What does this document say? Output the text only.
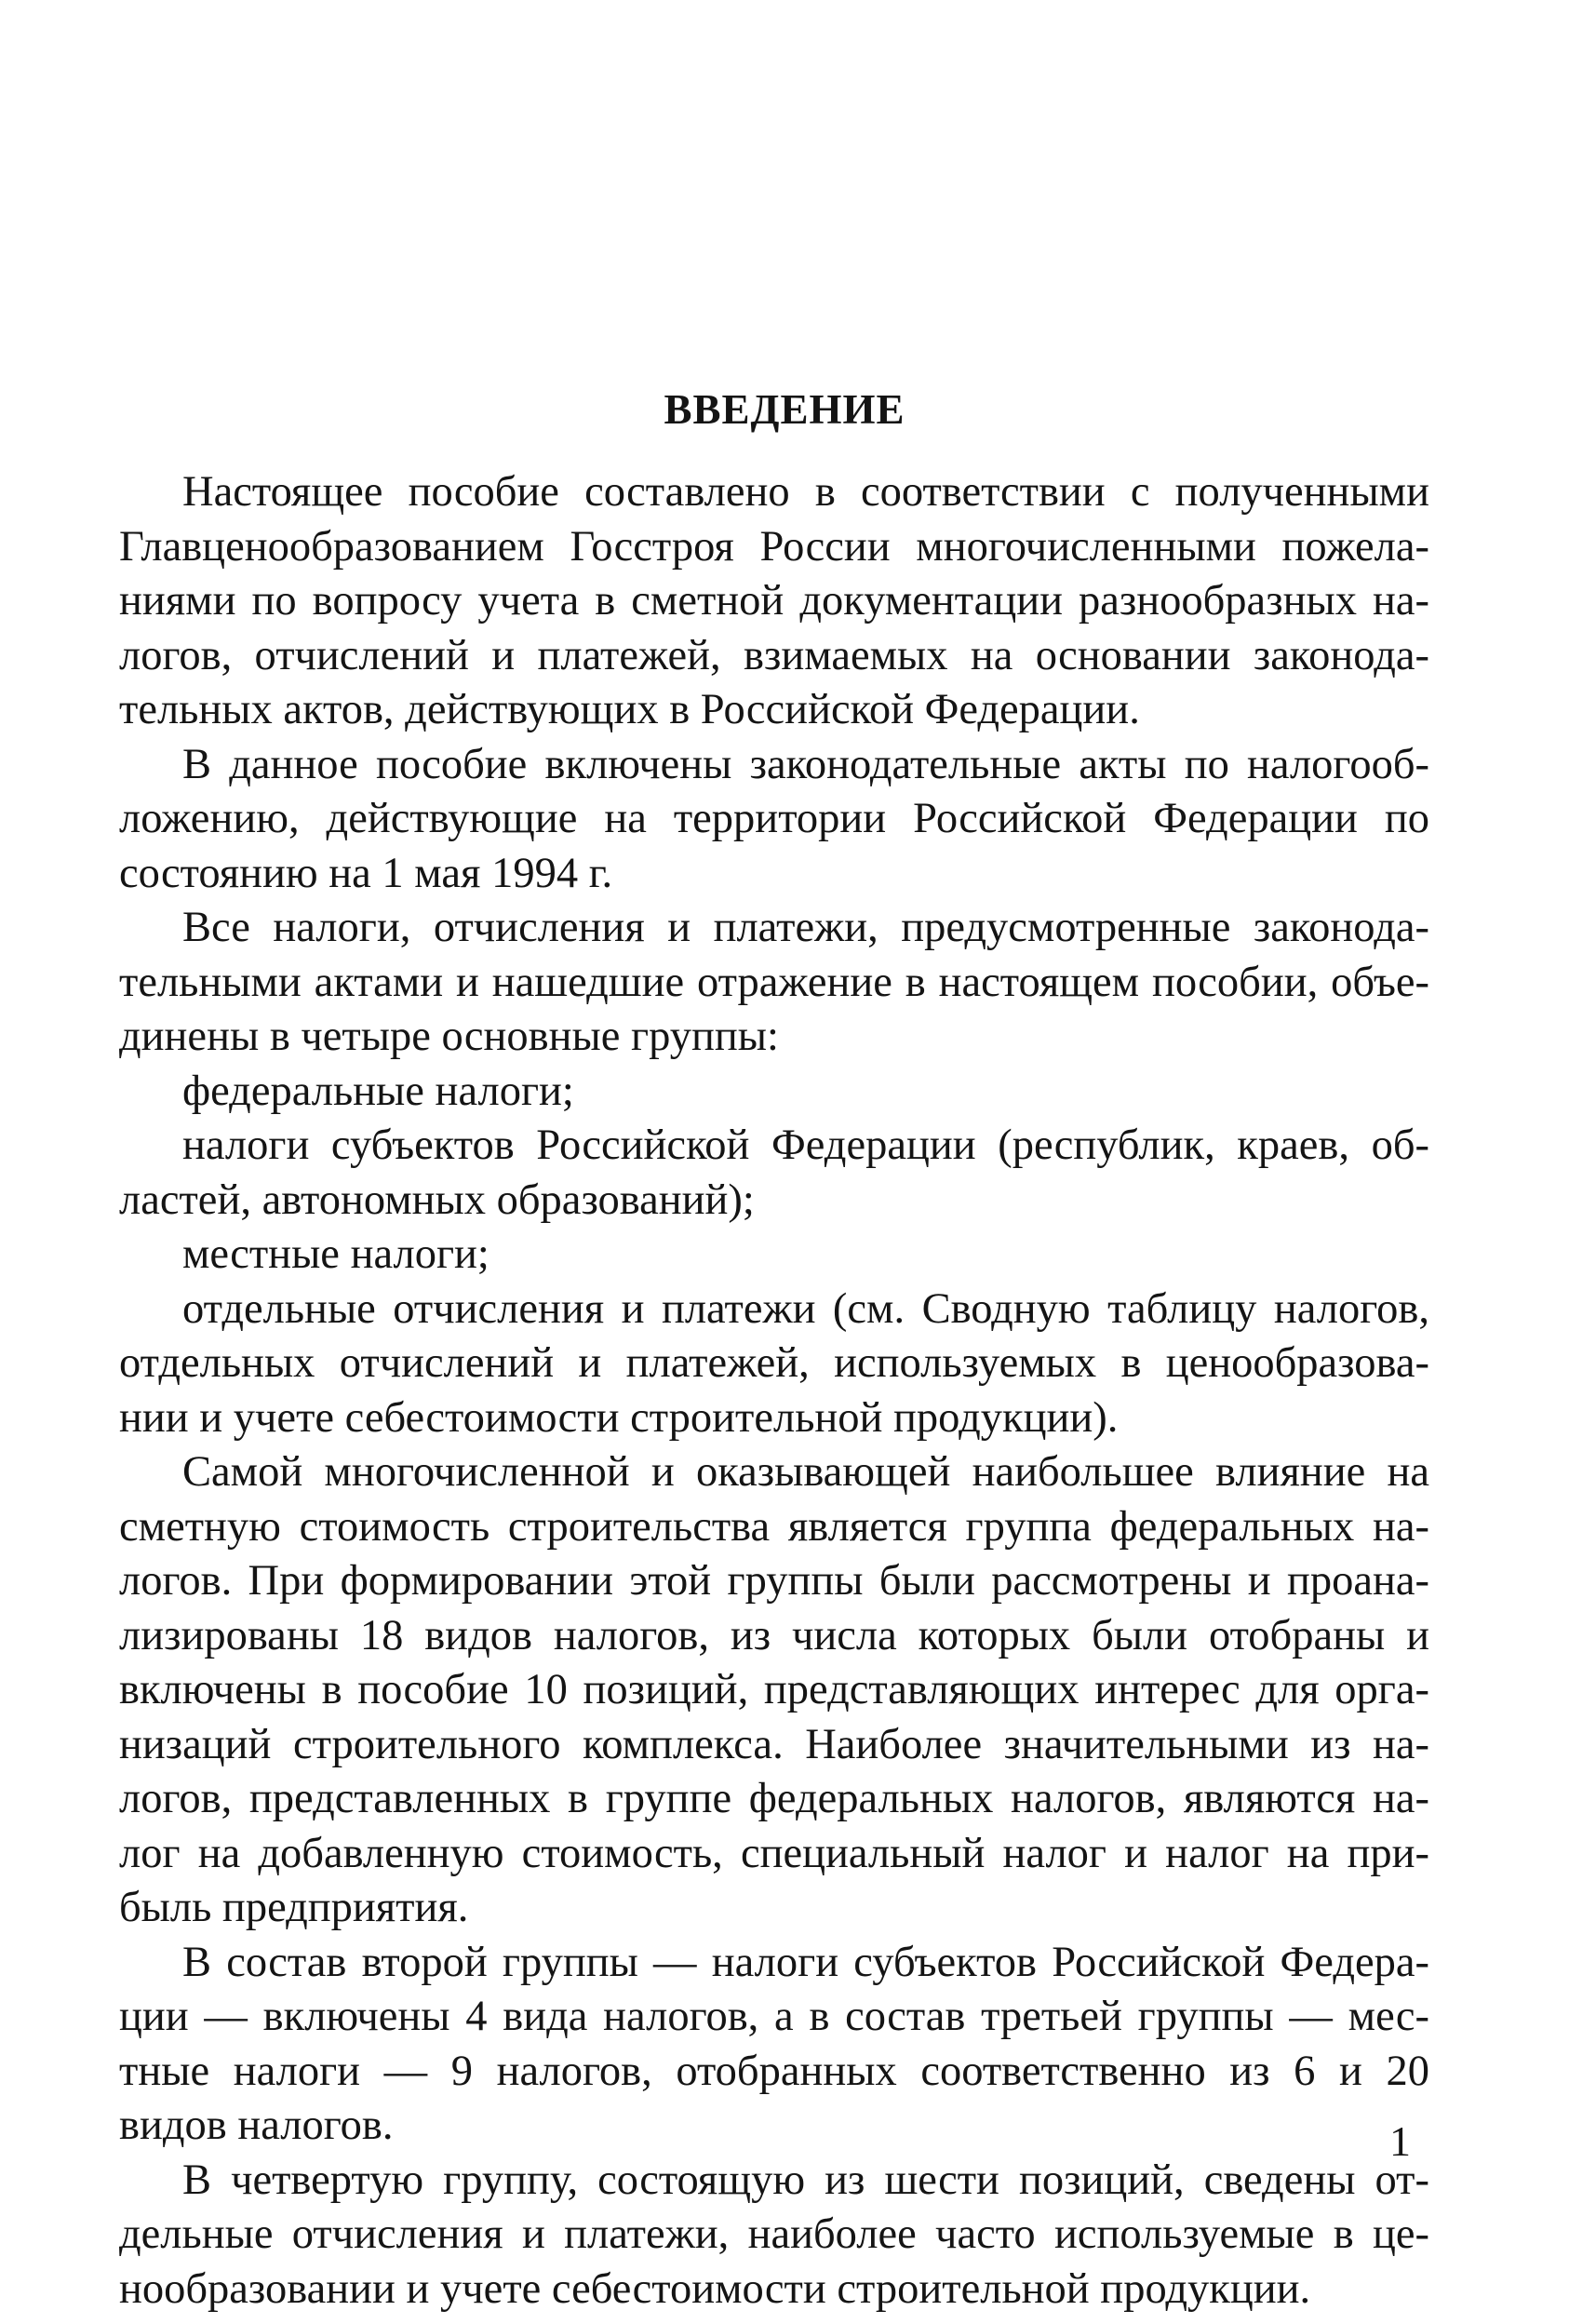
ВВЕДЕНИЕ
Настоящее пособие составлено в соответствии с полученными
Главценообразованием Госстроя России многочисленными пожела-
ниями по вопросу учета в сметной документации разнообразных на-
логов, отчислений и платежей, взимаемых на основании законода-
тельных актов, действующих в Российской Федерации.
В данное пособие включены законодательные акты по налогооб-
ложению, действующие на территории Российской Федерации по
состоянию на 1 мая 1994 г.
Все налоги, отчисления и платежи, предусмотренные законода-
тельными актами и нашедшие отражение в настоящем пособии, объе-
динены в четыре основные группы:
федеральные налоги;
налоги субъектов Российской Федерации (республик, краев, об-
ластей, автономных образований);
местные налоги;
отдельные отчисления и платежи (см. Сводную таблицу налогов,
отдельных отчислений и платежей, используемых в ценообразова-
нии и учете себестоимости строительной продукции).
Самой многочисленной и оказывающей наибольшее влияние на
сметную стоимость строительства является группа федеральных на-
логов. При формировании этой группы были рассмотрены и проана-
лизированы 18 видов налогов, из числа которых были отобраны и
включены в пособие 10 позиций, представляющих интерес для орга-
низаций строительного комплекса. Наиболее значительными из на-
логов, представленных в группе федеральных налогов, являются на-
лог на добавленную стоимость, специальный налог и налог на при-
быль предприятия.
В состав второй группы — налоги субъектов Российской Федера-
ции — включены 4 вида налогов, а в состав третьей группы — мес-
тные налоги — 9 налогов, отобранных соответственно из 6 и 20
видов налогов.
В четвертую группу, состоящую из шести позиций, сведены от-
дельные отчисления и платежи, наиболее часто используемые в це-
нообразовании и учете себестоимости строительной продукции.
1
